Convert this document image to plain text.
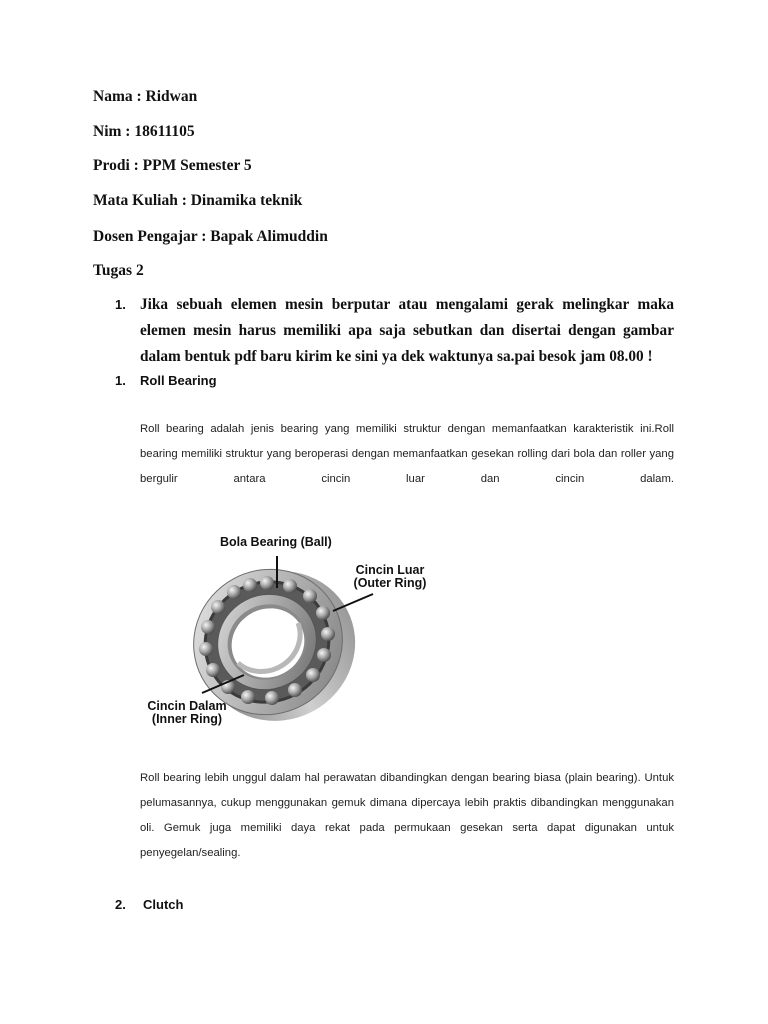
Nama : Ridwan
Nim : 18611105
Prodi : PPM Semester 5
Mata Kuliah : Dinamika teknik
Dosen Pengajar : Bapak Alimuddin
Tugas 2
1. Jika sebuah elemen mesin berputar atau mengalami gerak melingkar maka elemen mesin harus memiliki apa saja sebutkan dan disertai dengan gambar dalam bentuk pdf baru kirim ke sini ya dek waktunya sa.pai besok jam 08.00 !
1. Roll Bearing
Roll bearing adalah jenis bearing yang memiliki struktur dengan memanfaatkan karakteristik ini.Roll bearing memiliki struktur yang beroperasi dengan memanfaatkan gesekan rolling dari bola dan roller yang bergulir antara cincin luar dan cincin dalam.
Bola Bearing (Ball)
Cincin Luar
(Outer Ring)
Cincin Dalam
(Inner Ring)
Roll bearing lebih unggul dalam hal perawatan dibandingkan dengan bearing biasa (plain bearing). Untuk pelumasannya, cukup menggunakan gemuk dimana dipercaya lebih praktis dibandingkan menggunakan oli. Gemuk juga memiliki daya rekat pada permukaan gesekan serta dapat digunakan untuk penyegelan/sealing.
2. Clutch
